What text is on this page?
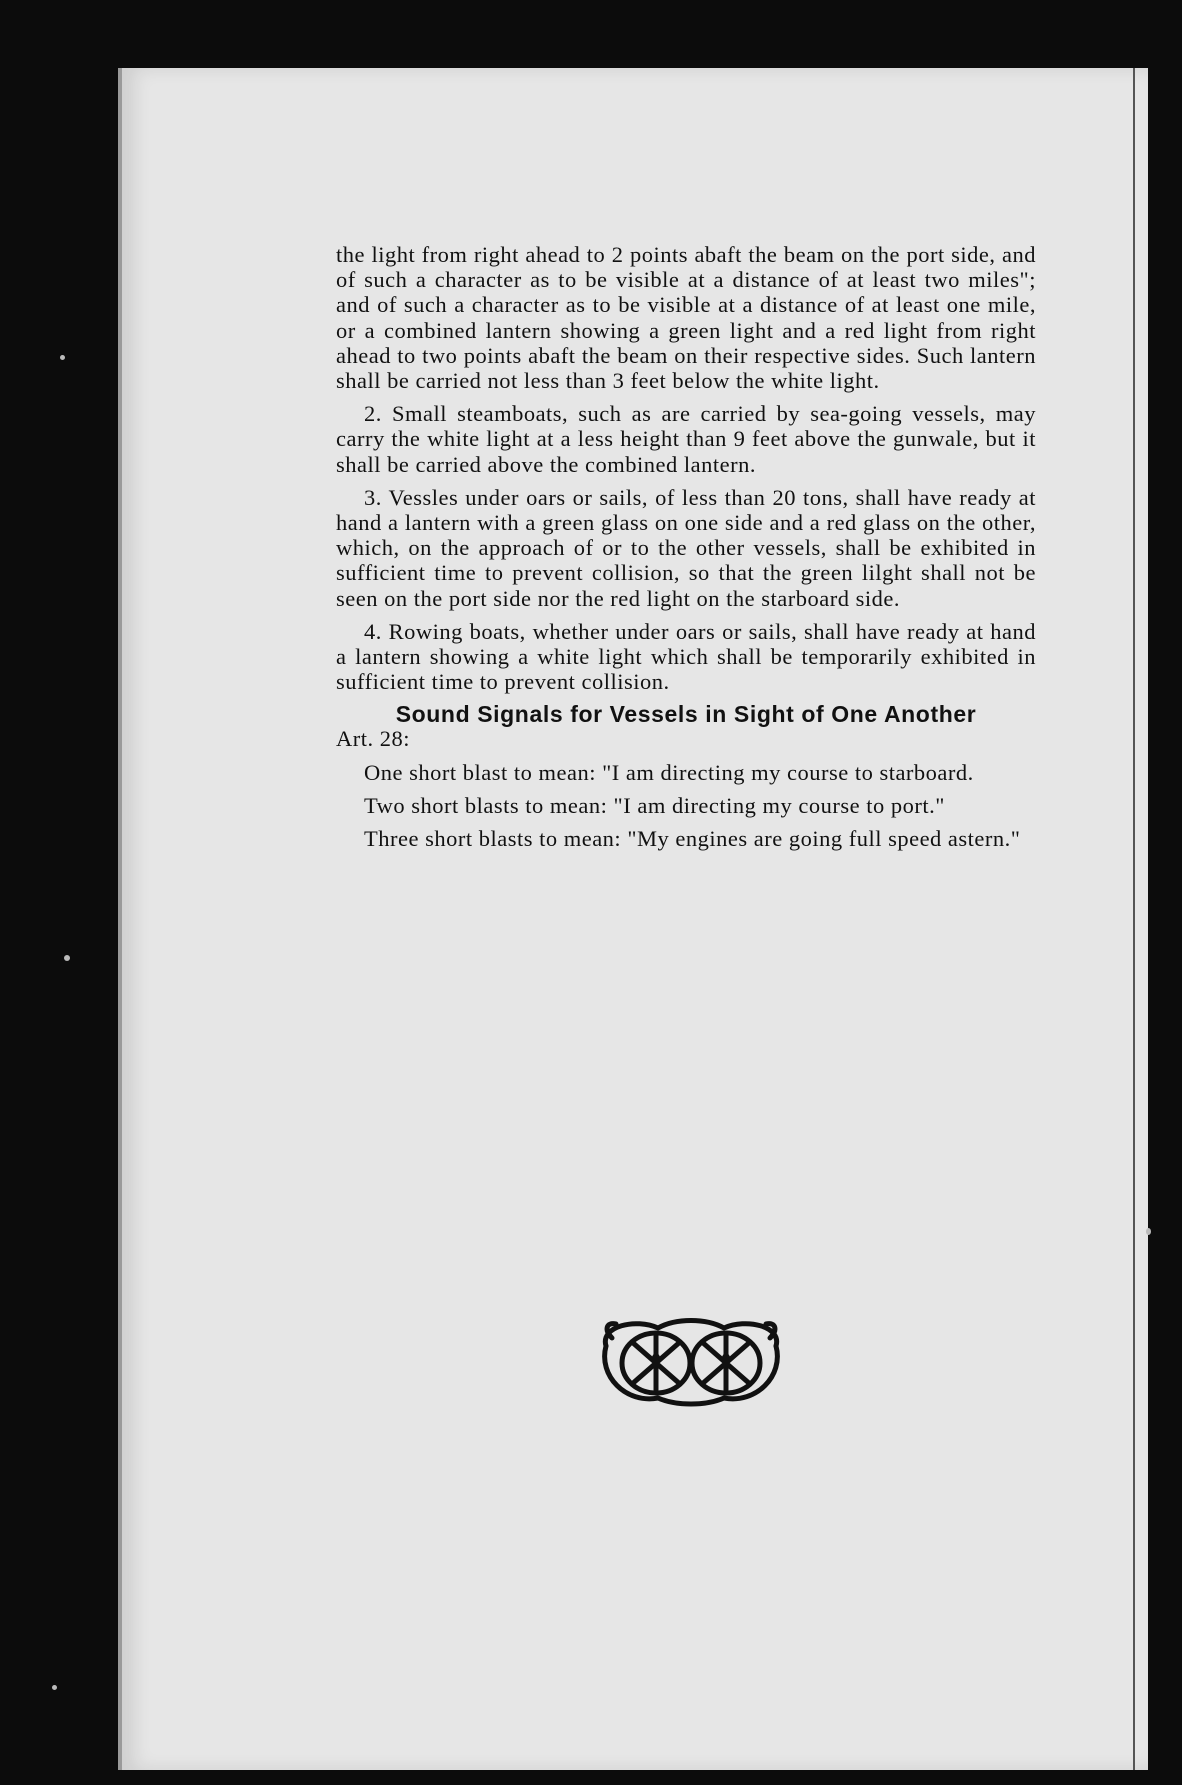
the light from right ahead to 2 points abaft the beam on the port side, and of such a character as to be visible at a distance of at least two miles"; and of such a character as to be visible at a distance of at least one mile, or a combined lantern showing a green light and a red light from right ahead to two points abaft the beam on their respective sides. Such lantern shall be carried not less than 3 feet below the white light.

2. Small steamboats, such as are carried by sea-going vessels, may carry the white light at a less height than 9 feet above the gunwale, but it shall be carried above the combined lantern.

3. Vessles under oars or sails, of less than 20 tons, shall have ready at hand a lantern with a green glass on one side and a red glass on the other, which, on the approach of or to the other vessels, shall be exhibited in sufficient time to prevent collision, so that the green lilght shall not be seen on the port side nor the red light on the starboard side.

4. Rowing boats, whether under oars or sails, shall have ready at hand a lantern showing a white light which shall be temporarily exhibited in sufficient time to prevent collision.

Sound Signals for Vessels in Sight of One Another

Art. 28:

One short blast to mean: "I am directing my course to starboard.

Two short blasts to mean: "I am directing my course to port."

Three short blasts to mean: "My engines are going full speed astern."
